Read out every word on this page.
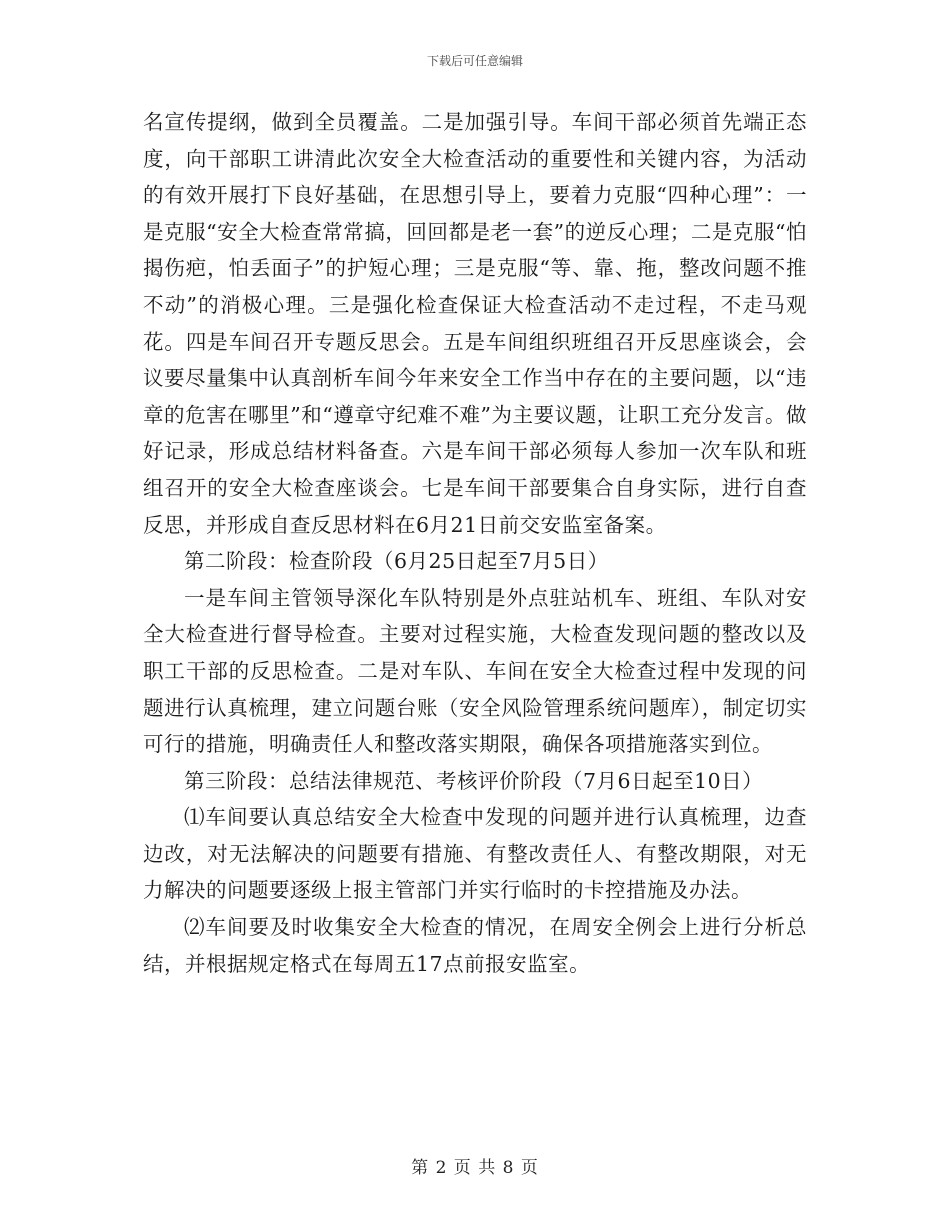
下载后可任意编辑

名宣传提纲，做到全员覆盖。二是加强引导。车间干部必须首先端正态度，向干部职工讲清此次安全大检查活动的重要性和关键内容，为活动的有效开展打下良好基础，在思想引导上，要着力克服“四种心理”：一是克服“安全大检查常常搞，回回都是老一套”的逆反心理；二是克服“怕揭伤疤，怕丢面子”的护短心理；三是克服“等、靠、拖，整改问题不推不动”的消极心理。三是强化检查保证大检查活动不走过程，不走马观花。四是车间召开专题反思会。五是车间组织班组召开反思座谈会，会议要尽量集中认真剖析车间今年来安全工作当中存在的主要问题，以“违章的危害在哪里”和“遵章守纪难不难”为主要议题，让职工充分发言。做好记录，形成总结材料备查。六是车间干部必须每人参加一次车队和班组召开的安全大检查座谈会。七是车间干部要集合自身实际，进行自查反思，并形成自查反思材料在6月21日前交安监室备案。

第二阶段：检查阶段（6月25日起至7月5日）

一是车间主管领导深化车队特别是外点驻站机车、班组、车队对安全大检查进行督导检查。主要对过程实施，大检查发现问题的整改以及职工干部的反思检查。二是对车队、车间在安全大检查过程中发现的问题进行认真梳理，建立问题台账（安全风险管理系统问题库），制定切实可行的措施，明确责任人和整改落实期限，确保各项措施落实到位。

第三阶段：总结法律规范、考核评价阶段（7月6日起至10日）

⑴车间要认真总结安全大检查中发现的问题并进行认真梳理，边查边改，对无法解决的问题要有措施、有整改责任人、有整改期限，对无力解决的问题要逐级上报主管部门并实行临时的卡控措施及办法。

⑵车间要及时收集安全大检查的情况，在周安全例会上进行分析总结，并根据规定格式在每周五17点前报安监室。

第 2 页 共 8 页
